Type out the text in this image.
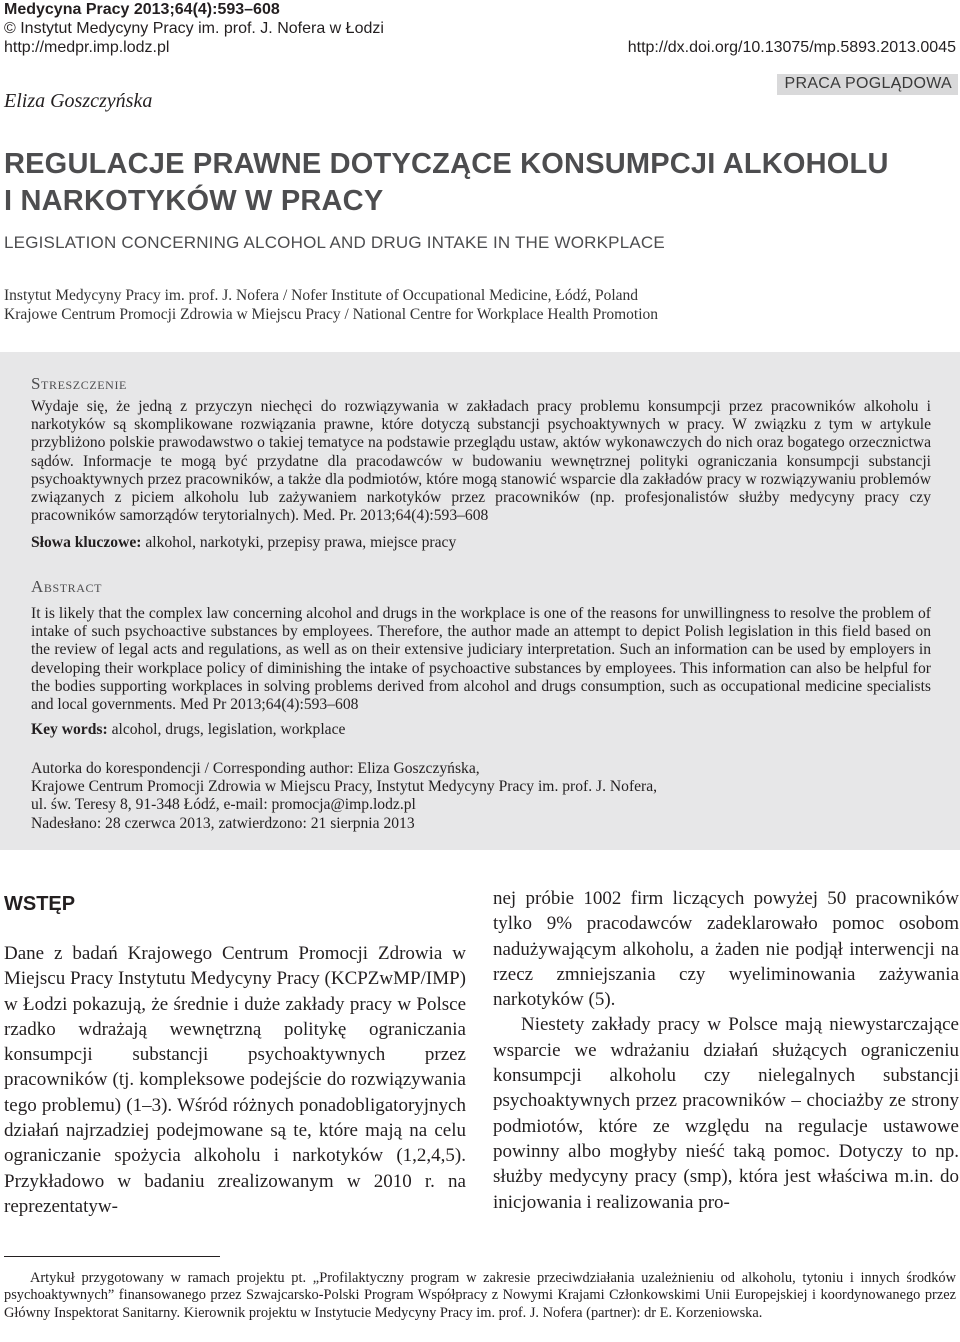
Medycyna Pracy 2013;64(4):593–608
© Instytut Medycyny Pracy im. prof. J. Nofera w Łodzi
http://medpr.imp.lodz.pl	http://dx.doi.org/10.13075/mp.5893.2013.0045
PRACA POGLĄDOWA
Eliza Goszczyńska
REGULACJE PRAWNE DOTYCZĄCE KONSUMPCJI ALKOHOLU
I NARKOTYKÓW W PRACY
LEGISLATION CONCERNING ALCOHOL AND DRUG INTAKE IN THE WORKPLACE
Instytut Medycyny Pracy im. prof. J. Nofera / Nofer Institute of Occupational Medicine, Łódź, Poland
Krajowe Centrum Promocji Zdrowia w Miejscu Pracy / National Centre for Workplace Health Promotion
Streszczenie
Wydaje się, że jedną z przyczyn niechęci do rozwiązywania w zakładach pracy problemu konsumpcji przez pracowników alkoholu i narkotyków są skomplikowane rozwiązania prawne, które dotyczą substancji psychoaktywnych w pracy. W związku z tym w artykule przybliżono polskie prawodawstwo o takiej tematyce na podstawie przeglądu ustaw, aktów wykonawczych do nich oraz bogatego orzecznictwa sądów. Informacje te mogą być przydatne dla pracodawców w budowaniu wewnętrznej polityki ograniczania konsumpcji substancji psychoaktywnych przez pracowników, a także dla podmiotów, które mogą stanowić wsparcie dla zakładów pracy w rozwiązywaniu problemów związanych z piciem alkoholu lub zażywaniem narkotyków przez pracowników (np. profesjonalistów służby medycyny pracy czy pracowników samorządów terytorialnych). Med. Pr. 2013;64(4):593–608
Słowa kluczowe: alkohol, narkotyki, przepisy prawa, miejsce pracy
Abstract
It is likely that the complex law concerning alcohol and drugs in the workplace is one of the reasons for unwillingness to resolve the problem of intake of such psychoactive substances by employees. Therefore, the author made an attempt to depict Polish legislation in this field based on the review of legal acts and regulations, as well as on their extensive judiciary interpretation. Such an information can be used by employers in developing their workplace policy of diminishing the intake of psychoactive substances by employees. This information can also be helpful for the bodies supporting workplaces in solving problems derived from alcohol and drugs consumption, such as occupational medicine specialists and local governments. Med Pr 2013;64(4):593–608
Key words: alcohol, drugs, legislation, workplace
Autorka do korespondencji / Corresponding author: Eliza Goszczyńska,
Krajowe Centrum Promocji Zdrowia w Miejscu Pracy, Instytut Medycyny Pracy im. prof. J. Nofera,
ul. św. Teresy 8, 91-348 Łódź, e-mail: promocja@imp.lodz.pl
Nadesłano: 28 czerwca 2013, zatwierdzono: 21 sierpnia 2013
WSTĘP

Dane z badań Krajowego Centrum Promocji Zdrowia w Miejscu Pracy Instytutu Medycyny Pracy (KCPZwMP/IMP) w Łodzi pokazują, że średnie i duże zakłady pracy w Polsce rzadko wdrażają wewnętrzną politykę ograniczania konsumpcji substancji psychoaktywnych przez pracowników (tj. kompleksowe podejście do rozwiązywania tego problemu) (1–3). Wśród różnych ponadobligatoryjnych działań najrzadziej podejmowane są te, które mają na celu ograniczanie spożycia alkoholu i narkotyków (1,2,4,5). Przykładowo w badaniu zrealizowanym w 2010 r. na reprezentatyw-

nej próbie 1002 firm liczących powyżej 50 pracowników tylko 9% pracodawców zadeklarowało pomoc osobom nadużywającym alkoholu, a żaden nie podjął interwencji na rzecz zmniejszania czy wyeliminowania zażywania narkotyków (5).

Niestety zakłady pracy w Polsce mają niewystarczające wsparcie we wdrażaniu działań służących ograniczeniu konsumpcji alkoholu czy nielegalnych substancji psychoaktywnych przez pracowników – chociażby ze strony podmiotów, które ze względu na regulacje ustawowe powinny albo mogłyby nieść taką pomoc. Dotyczy to np. służby medycyny pracy (smp), która jest właściwa m.in. do inicjowania i realizowania pro-

Artykuł przygotowany w ramach projektu pt. „Profilaktyczny program w zakresie przeciwdziałania uzależnieniu od alkoholu, tytoniu i innych środków psychoaktywnych” finansowanego przez Szwajcarsko-Polski Program Współpracy z Nowymi Krajami Członkowskimi Unii Europejskiej i koordynowanego przez Główny Inspektorat Sanitarny. Kierownik projektu w Instytucie Medycyny Pracy im. prof. J. Nofera (partner): dr E. Korzeniowska.
